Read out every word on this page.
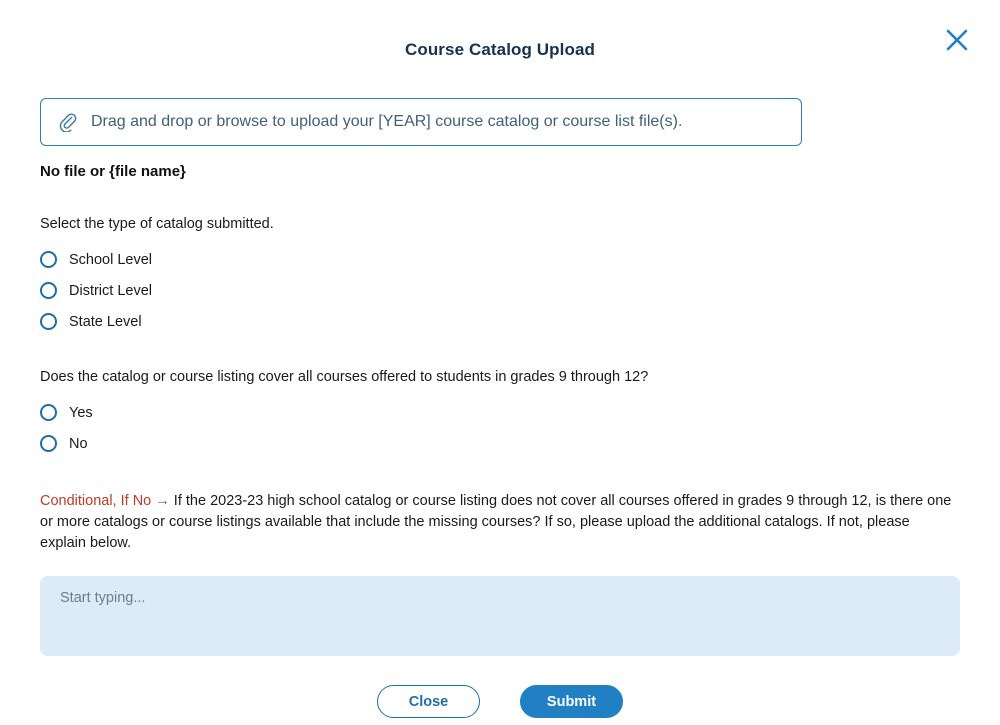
Course Catalog Upload
Drag and drop or browse to upload your [YEAR] course catalog or course list file(s).
No file or {file name}
Select the type of catalog submitted.
School Level
District Level
State Level
Does the catalog or course listing cover all courses offered to students in grades 9 through 12?
Yes
No
Conditional, If No → If the 2023-23 high school catalog or course listing does not cover all courses offered in grades 9 through 12, is there one or more catalogs or course listings available that include the missing courses? If so, please upload the additional catalogs. If not, please explain below.
Start typing...
Close	Submit
